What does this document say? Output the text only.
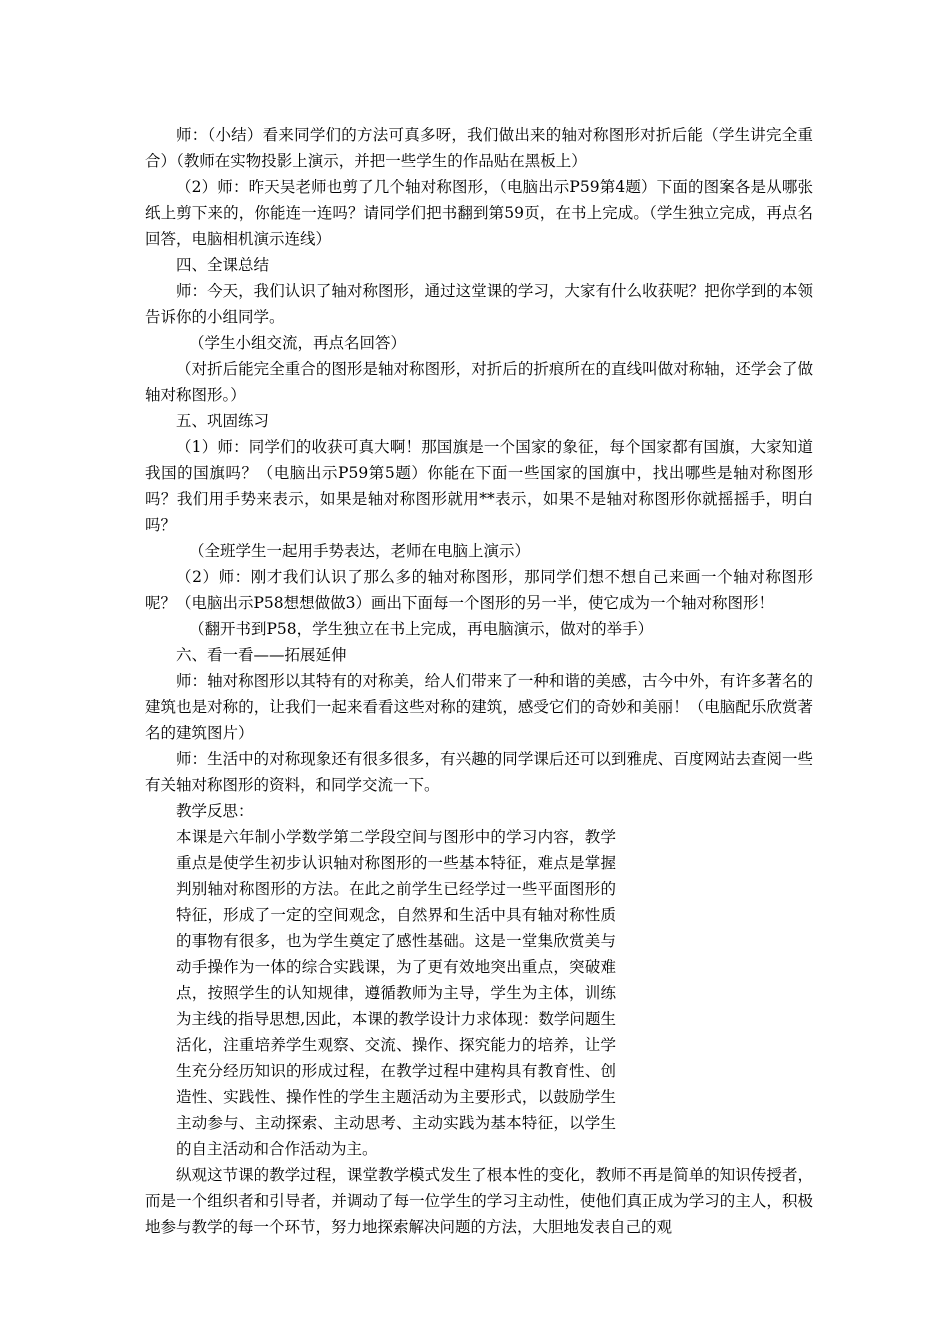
师：（小结）看来同学们的方法可真多呀，我们做出来的轴对称图形对折后能（学生讲完全重合）（教师在实物投影上演示，并把一些学生的作品贴在黑板上）

（2）师：昨天吴老师也剪了几个轴对称图形，（电脑出示P59第4题）下面的图案各是从哪张纸上剪下来的，你能连一连吗？请同学们把书翻到第59页，在书上完成。（学生独立完成，再点名回答，电脑相机演示连线）

四、全课总结

师：今天，我们认识了轴对称图形，通过这堂课的学习，大家有什么收获呢？把你学到的本领告诉你的小组同学。

（学生小组交流，再点名回答）

（对折后能完全重合的图形是轴对称图形，对折后的折痕所在的直线叫做对称轴，还学会了做轴对称图形。）

五、巩固练习

（1）师：同学们的收获可真大啊！那国旗是一个国家的象征，每个国家都有国旗，大家知道我国的国旗吗？（电脑出示P59第5题）你能在下面一些国家的国旗中，找出哪些是轴对称图形吗？我们用手势来表示，如果是轴对称图形就用**表示，如果不是轴对称图形你就摇摇手，明白吗？

（全班学生一起用手势表达，老师在电脑上演示）

（2）师：刚才我们认识了那么多的轴对称图形，那同学们想不想自己来画一个轴对称图形呢？（电脑出示P58想想做做3）画出下面每一个图形的另一半，使它成为一个轴对称图形！

（翻开书到P58，学生独立在书上完成，再电脑演示，做对的举手）

六、看一看——拓展延伸

师：轴对称图形以其特有的对称美，给人们带来了一种和谐的美感，古今中外，有许多著名的建筑也是对称的，让我们一起来看看这些对称的建筑，感受它们的奇妙和美丽！（电脑配乐欣赏著名的建筑图片）

师：生活中的对称现象还有很多很多，有兴趣的同学课后还可以到雅虎、百度网站去查阅一些有关轴对称图形的资料，和同学交流一下。

教学反思：

本课是六年制小学数学第二学段空间与图形中的学习内容，教学重点是使学生初步认识轴对称图形的一些基本特征，难点是掌握判别轴对称图形的方法。在此之前学生已经学过一些平面图形的特征，形成了一定的空间观念，自然界和生活中具有轴对称性质的事物有很多，也为学生奠定了感性基础。这是一堂集欣赏美与动手操作为一体的综合实践课，为了更有效地突出重点，突破难点，按照学生的认知规律，遵循教师为主导，学生为主体，训练为主线的指导思想,因此，本课的教学设计力求体现：数学问题生活化，注重培养学生观察、交流、操作、探究能力的培养，让学生充分经历知识的形成过程，在教学过程中建构具有教育性、创造性、实践性、操作性的学生主题活动为主要形式，以鼓励学生主动参与、主动探索、主动思考、主动实践为基本特征，以学生的自主活动和合作活动为主。

纵观这节课的教学过程，课堂教学模式发生了根本性的变化，教师不再是简单的知识传授者，而是一个组织者和引导者，并调动了每一位学生的学习主动性，使他们真正成为学习的主人，积极地参与教学的每一个环节，努力地探索解决问题的方法，大胆地发表自己的观
